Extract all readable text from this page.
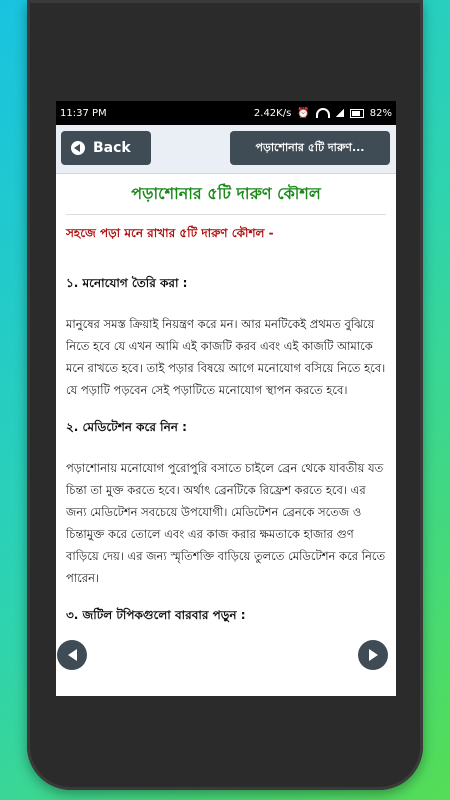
11:37 PM	2.42K/s ⏰	82%
Back	পড়াশোনার ৫টি দারুণ...
পড়াশোনার ৫টি দারুণ কৌশল
সহজে পড়া মনে রাখার ৫টি দারুণ কৌশল -
১. মনোযোগ তৈরি করা :
মানুষের সমস্ত ক্রিয়াই নিয়ন্ত্রণ করে মন। আর মনটিকেই প্রথমত বুঝিয়ে নিতে হবে যে এখন আমি এই কাজটি করব এবং এই কাজটি আমাকে মনে রাখতে হবে। তাই পড়ার বিষয়ে আগে মনোযোগ বসিয়ে নিতে হবে। যে পড়াটি পড়বেন সেই পড়াটিতে মনোযোগ স্থাপন করতে হবে।
২. মেডিটেশন করে নিন :
পড়াশোনায় মনোযোগ পুরোপুরি বসাতে চাইলে ব্রেন থেকে যাবতীয় যত চিন্তা তা মুক্ত করতে হবে। অর্থাৎ ব্রেনটিকে রিফ্রেশ করতে হবে। এর জন্য মেডিটেশন সবচেয়ে উপযোগী। মেডিটেশন ব্রেনকে সতেজ ও চিন্তামুক্ত করে তোলে এবং এর কাজ করার ক্ষমতাকে হাজার গুণ বাড়িয়ে দেয়। এর জন্য স্মৃতিশক্তি বাড়িয়ে তুলতে মেডিটেশন করে নিতে পারেন।
৩. জটিল টপিকগুলো বারবার পড়ুন :
